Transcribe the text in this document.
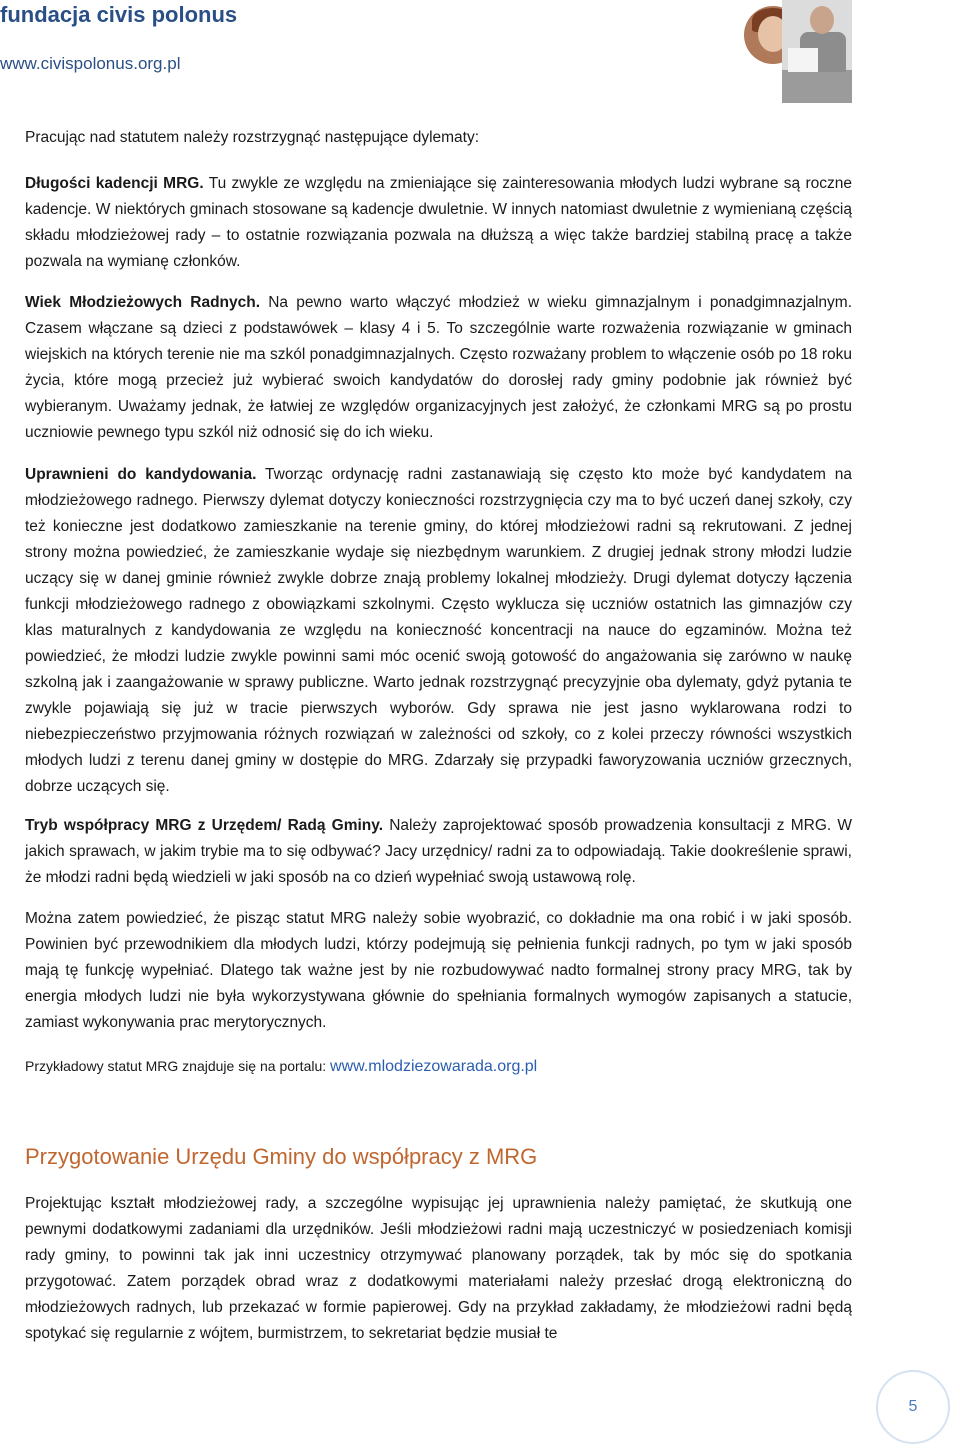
fundacja civis polonus
www.civispolonus.org.pl

Pracując nad statutem należy rozstrzygnąć następujące dylematy:

Długości kadencji MRG. Tu zwykle ze względu na zmieniające się zainteresowania młodych ludzi wybrane są roczne kadencje. W niektórych gminach stosowane są kadencje dwuletnie. W innych natomiast dwuletnie z wymienianą częścią składu młodzieżowej rady – to ostatnie rozwiązania pozwala na dłuższą a więc także bardziej stabilną pracę a także pozwala na wymianę członków.

Wiek Młodzieżowych Radnych. Na pewno warto włączyć młodzież w wieku gimnazjalnym i ponadgimnazjalnym. Czasem włączane są dzieci z podstawówek – klasy 4 i 5. To szczególnie warte rozważenia rozwiązanie w gminach wiejskich na których terenie nie ma szkól ponadgimnazjalnych. Często rozważany problem to włączenie osób po 18 roku życia, które mogą przecież już wybierać swoich kandydatów do dorosłej rady gminy podobnie jak również być wybieranym. Uważamy jednak, że łatwiej ze względów organizacyjnych jest założyć, że członkami MRG są po prostu uczniowie pewnego typu szkól niż odnosić się do ich wieku.

Uprawnieni do kandydowania. Tworząc ordynację radni zastanawiają się często kto może być kandydatem na młodzieżowego radnego. Pierwszy dylemat dotyczy konieczności rozstrzygnięcia czy ma to być uczeń danej szkoły, czy też konieczne jest dodatkowo zamieszkanie na terenie gminy, do której młodzieżowi radni są rekrutowani. Z jednej strony można powiedzieć, że zamieszkanie wydaje się niezbędnym warunkiem. Z drugiej jednak strony młodzi ludzie uczący się w danej gminie również zwykle dobrze znają problemy lokalnej młodzieży. Drugi dylemat dotyczy łączenia funkcji młodzieżowego radnego z obowiązkami szkolnymi. Często wyklucza się uczniów ostatnich las gimnazjów czy klas maturalnych z kandydowania ze względu na konieczność koncentracji na nauce do egzaminów. Można też powiedzieć, że młodzi ludzie zwykle powinni sami móc ocenić swoją gotowość do angażowania się zarówno w naukę szkolną jak i zaangażowanie w sprawy publiczne. Warto jednak rozstrzygnąć precyzyjnie oba dylematy, gdyż pytania te zwykle pojawiają się już w tracie pierwszych wyborów. Gdy sprawa nie jest jasno wyklarowana rodzi to niebezpieczeństwo przyjmowania różnych rozwiązań w zależności od szkoły, co z kolei przeczy równości wszystkich młodych ludzi z terenu danej gminy w dostępie do MRG. Zdarzały się przypadki faworyzowania uczniów grzecznych, dobrze uczących się.

Tryb współpracy MRG z Urzędem/ Radą Gminy. Należy zaprojektować sposób prowadzenia konsultacji z MRG. W jakich sprawach, w jakim trybie ma to się odbywać? Jacy urzędnicy/ radni za to odpowiadają. Takie dookreślenie sprawi, że młodzi radni będą wiedzieli w jaki sposób na co dzień wypełniać swoją ustawową rolę.

Można zatem powiedzieć, że pisząc statut MRG należy sobie wyobrazić, co dokładnie ma ona robić i w jaki sposób. Powinien być przewodnikiem dla młodych ludzi, którzy podejmują się pełnienia funkcji radnych, po tym w jaki sposób mają tę funkcję wypełniać. Dlatego tak ważne jest by nie rozbudowywać nadto formalnej strony pracy MRG, tak by energia młodych ludzi nie była wykorzystywana głównie do spełniania formalnych wymogów zapisanych a statucie, zamiast wykonywania prac merytorycznych.

Przykładowy statut MRG znajduje się na portalu: www.mlodziezowarada.org.pl

Przygotowanie Urzędu Gminy do współpracy z MRG

Projektując kształt młodzieżowej rady, a szczególne wypisując jej uprawnienia należy pamiętać, że skutkują one pewnymi dodatkowymi zadaniami dla urzędników. Jeśli młodzieżowi radni mają uczestniczyć w posiedzeniach komisji rady gminy, to powinni tak jak inni uczestnicy otrzymywać planowany porządek, tak by móc się do spotkania przygotować. Zatem porządek obrad wraz z dodatkowymi materiałami należy przesłać drogą elektroniczną do młodzieżowych radnych, lub przekazać w formie papierowej. Gdy na przykład zakładamy, że młodzieżowi radni będą spotykać się regularnie z wójtem, burmistrzem, to sekretariat będzie musiał te

5
